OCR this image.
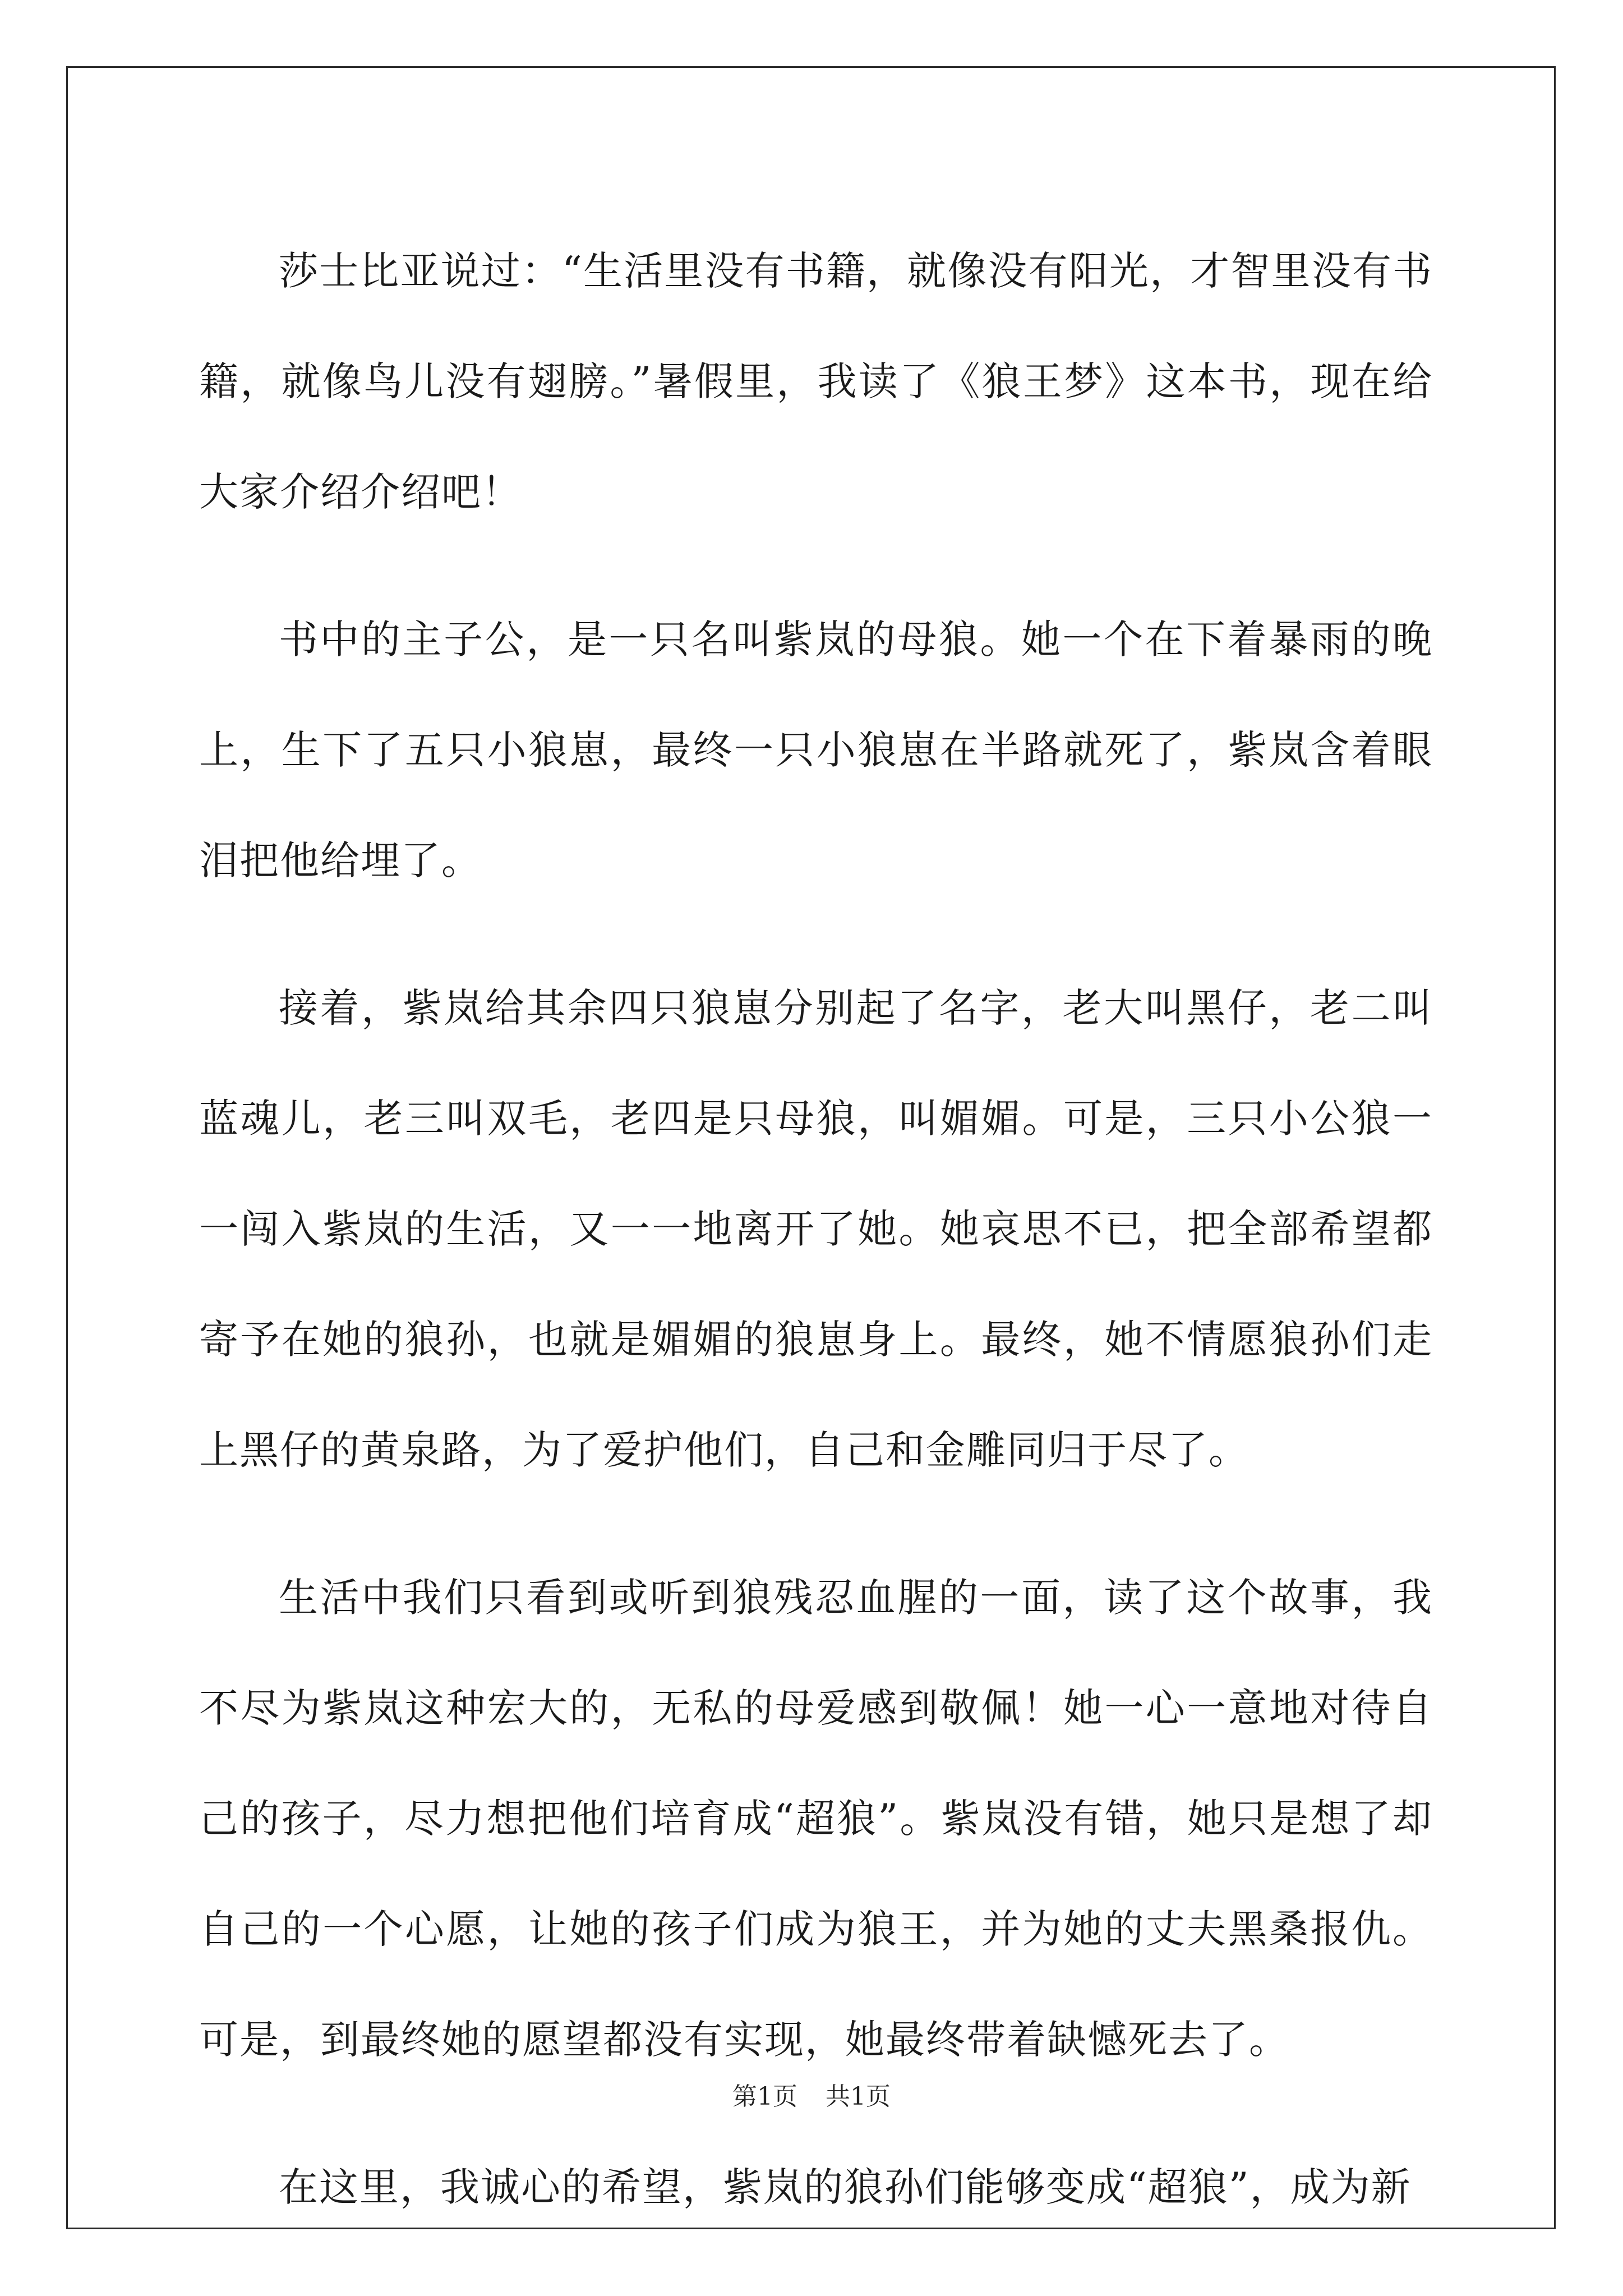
莎士比亚说过：“生活里没有书籍，就像没有阳光，才智里没有书籍，就像鸟儿没有翅膀。”暑假里，我读了《狼王梦》这本书，现在给大家介绍介绍吧！

书中的主子公，是一只名叫紫岚的母狼。她一个在下着暴雨的晚上，生下了五只小狼崽，最终一只小狼崽在半路就死了，紫岚含着眼泪把他给埋了。

接着，紫岚给其余四只狼崽分别起了名字，老大叫黑仔，老二叫蓝魂儿，老三叫双毛，老四是只母狼，叫媚媚。可是，三只小公狼一一闯入紫岚的生活，又一一地离开了她。她哀思不已，把全部希望都寄予在她的狼孙，也就是媚媚的狼崽身上。最终，她不情愿狼孙们走上黑仔的黄泉路，为了爱护他们，自己和金雕同归于尽了。

生活中我们只看到或听到狼残忍血腥的一面，读了这个故事，我不尽为紫岚这种宏大的，无私的母爱感到敬佩！她一心一意地对待自己的孩子，尽力想把他们培育成“超狼”。紫岚没有错，她只是想了却自己的一个心愿，让她的孩子们成为狼王，并为她的丈夫黑桑报仇。可是，到最终她的愿望都没有实现，她最终带着缺憾死去了。

在这里，我诚心的希望，紫岚的狼孙们能够变成“超狼”，成为新

第1页 共1页
